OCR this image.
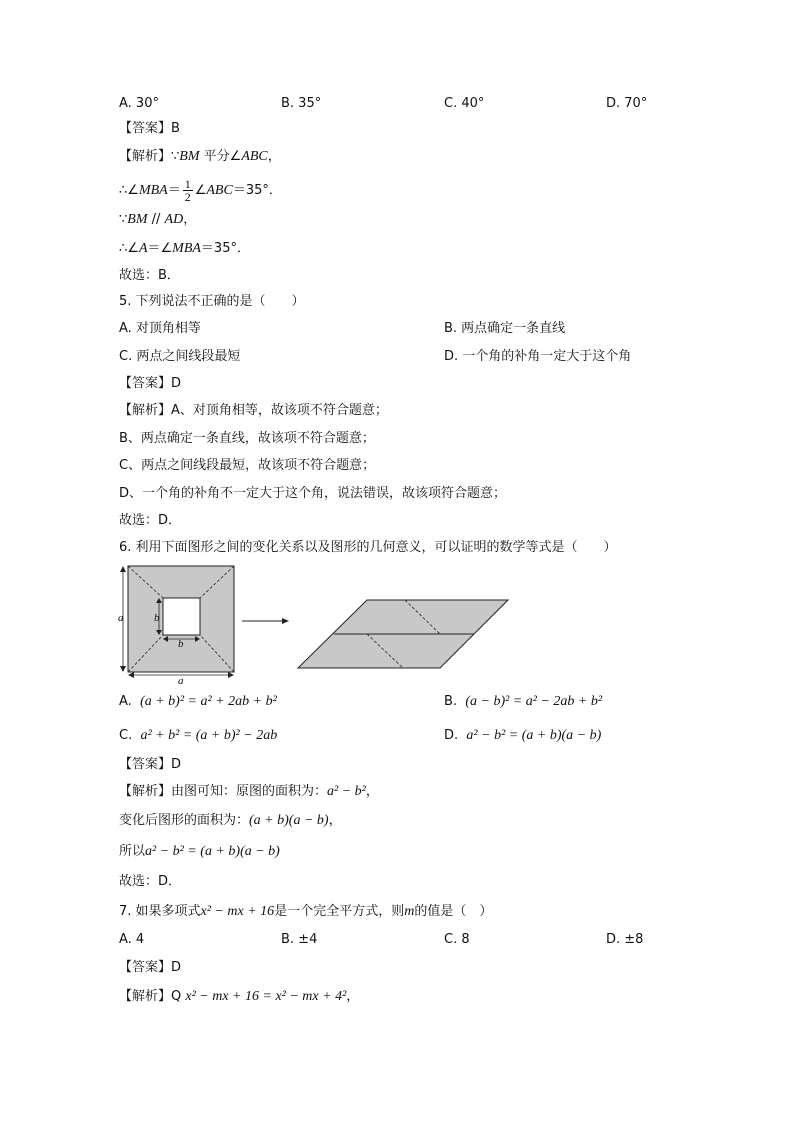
A. 30°	B. 35°	C. 40°	D. 70°
【答案】B
【解析】∵BM 平分∠ABC，
∴∠MBA＝ $\frac{1}{2}$ ∠ABC＝35°．
∵BM // AD，
∴∠A＝∠MBA＝35°．
故选：B．
5. 下列说法不正确的是（　　）
A. 对顶角相等	B. 两点确定一条直线
C. 两点之间线段最短	D. 一个角的补角一定大于这个角
【答案】D
【解析】A、对顶角相等，故该项不符合题意；
B、两点确定一条直线，故该项不符合题意；
C、两点之间线段最短，故该项不符合题意；
D、一个角的补角不一定大于这个角，说法错误，故该项符合题意；
故选：D．
6. 利用下面图形之间的变化关系以及图形的几何意义，可以证明的数学等式是（　　）
a
a
b
b
A. (a + b)² = a² + 2ab + b²	B. (a − b)² = a² − 2ab + b²
C. a² + b² = (a + b)² − 2ab	D. a² − b² = (a + b)(a − b)
【答案】D
【解析】由图可知：原图的面积为：a² − b²，
变化后图形的面积为：(a + b)(a − b)，
所以a² − b² = (a + b)(a − b)
故选：D．
7. 如果多项式x² − mx + 16是一个完全平方式，则m的值是（　）
A. 4	B. ±4	C. 8	D. ±8
【答案】D
【解析】Q x² − mx + 16 = x² − mx + 4²，
